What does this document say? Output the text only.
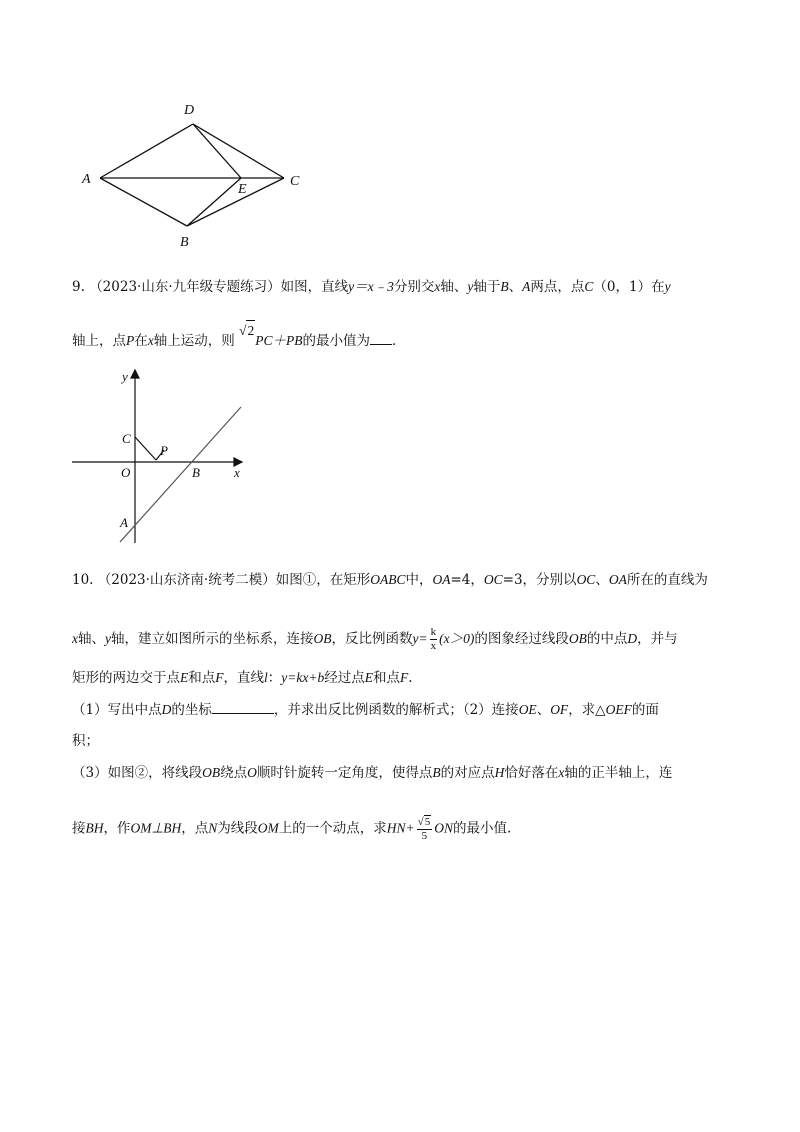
A
D
C
E
B
9. （2023·山东·九年级专题练习）如图，直线y＝x﹣3分别交x轴、y轴于B、A两点，点C（0，1）在y
轴上，点P在x轴上运动，则 √2PC＋PB的最小值为 ．
y
x
C
P
O	B
A
10. （2023·山东济南·统考二模）如图①，在矩形OABC中，OA=4，OC=3，分别以OC、OA所在的直线为
x轴、y轴，建立如图所示的坐标系，连接OB，反比例函数$y= \frac{k}{x} (x>0)$的图象经过线段OB的中点D，并与
矩形的两边交于点E和点F，直线l：y=kx+b经过点E和点F.
（1）写出中点D的坐标	，并求出反比例函数的解析式；（2）连接OE、OF，求△OEF的面
积；
（3）如图②，将线段OB绕点O顺时针旋转一定角度，使得点B的对应点H恰好落在x轴的正半轴上，连
接BH，作OM⊥BH，点N为线段OM上的一个动点，求$HN+ \frac{√5}{5}$ ON的最小值.
